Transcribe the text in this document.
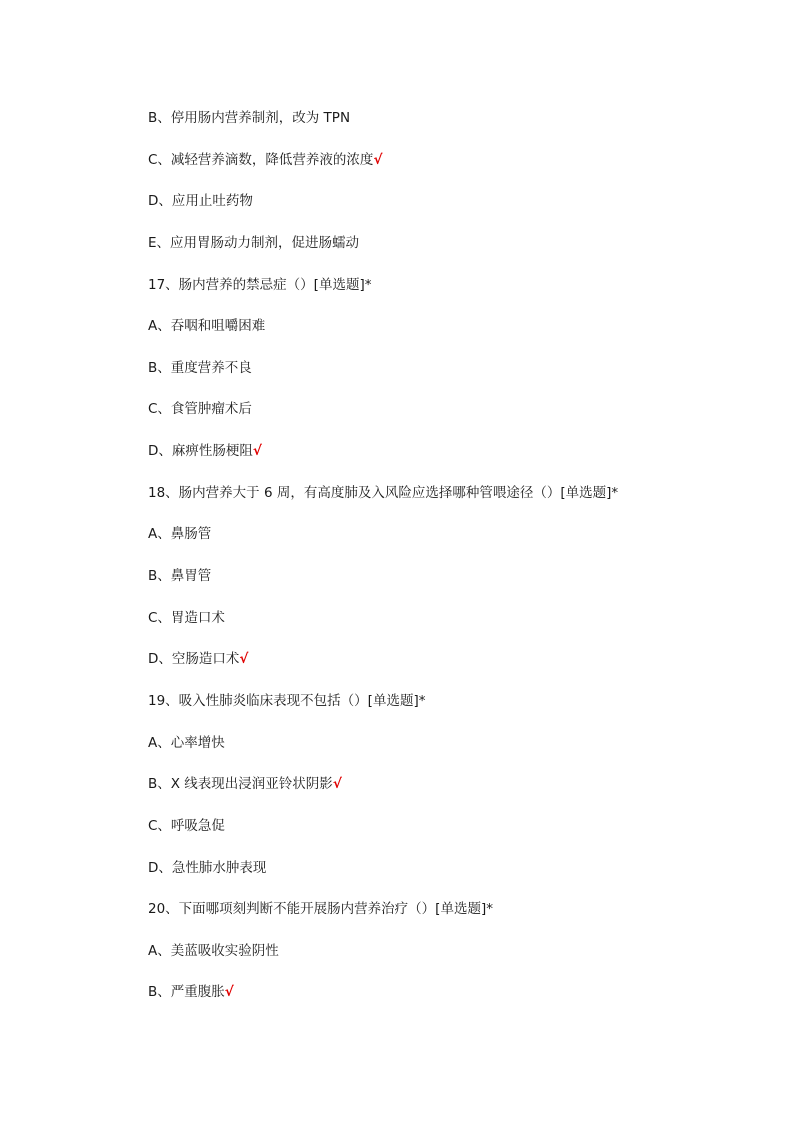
B、停用肠内营养制剂，改为 TPN
C、减轻营养滴数，降低营养液的浓度√
D、应用止吐药物
E、应用胃肠动力制剂，促进肠蠕动
17、肠内营养的禁忌症（）[单选题]*
A、吞咽和咀嚼困难
B、重度营养不良
C、食管肿瘤术后
D、麻痹性肠梗阻√
18、肠内营养大于 6 周，有高度肺及入风险应选择哪种管喂途径（）[单选题]*
A、鼻肠管
B、鼻胃管
C、胃造口术
D、空肠造口术√
19、吸入性肺炎临床表现不包括（）[单选题]*
A、心率增快
B、X 线表现出浸润亚铃状阴影√
C、呼吸急促
D、急性肺水肿表现
20、下面哪项刻判断不能开展肠内营养治疗（）[单选题]*
A、美蓝吸收实验阴性
B、严重腹胀√
